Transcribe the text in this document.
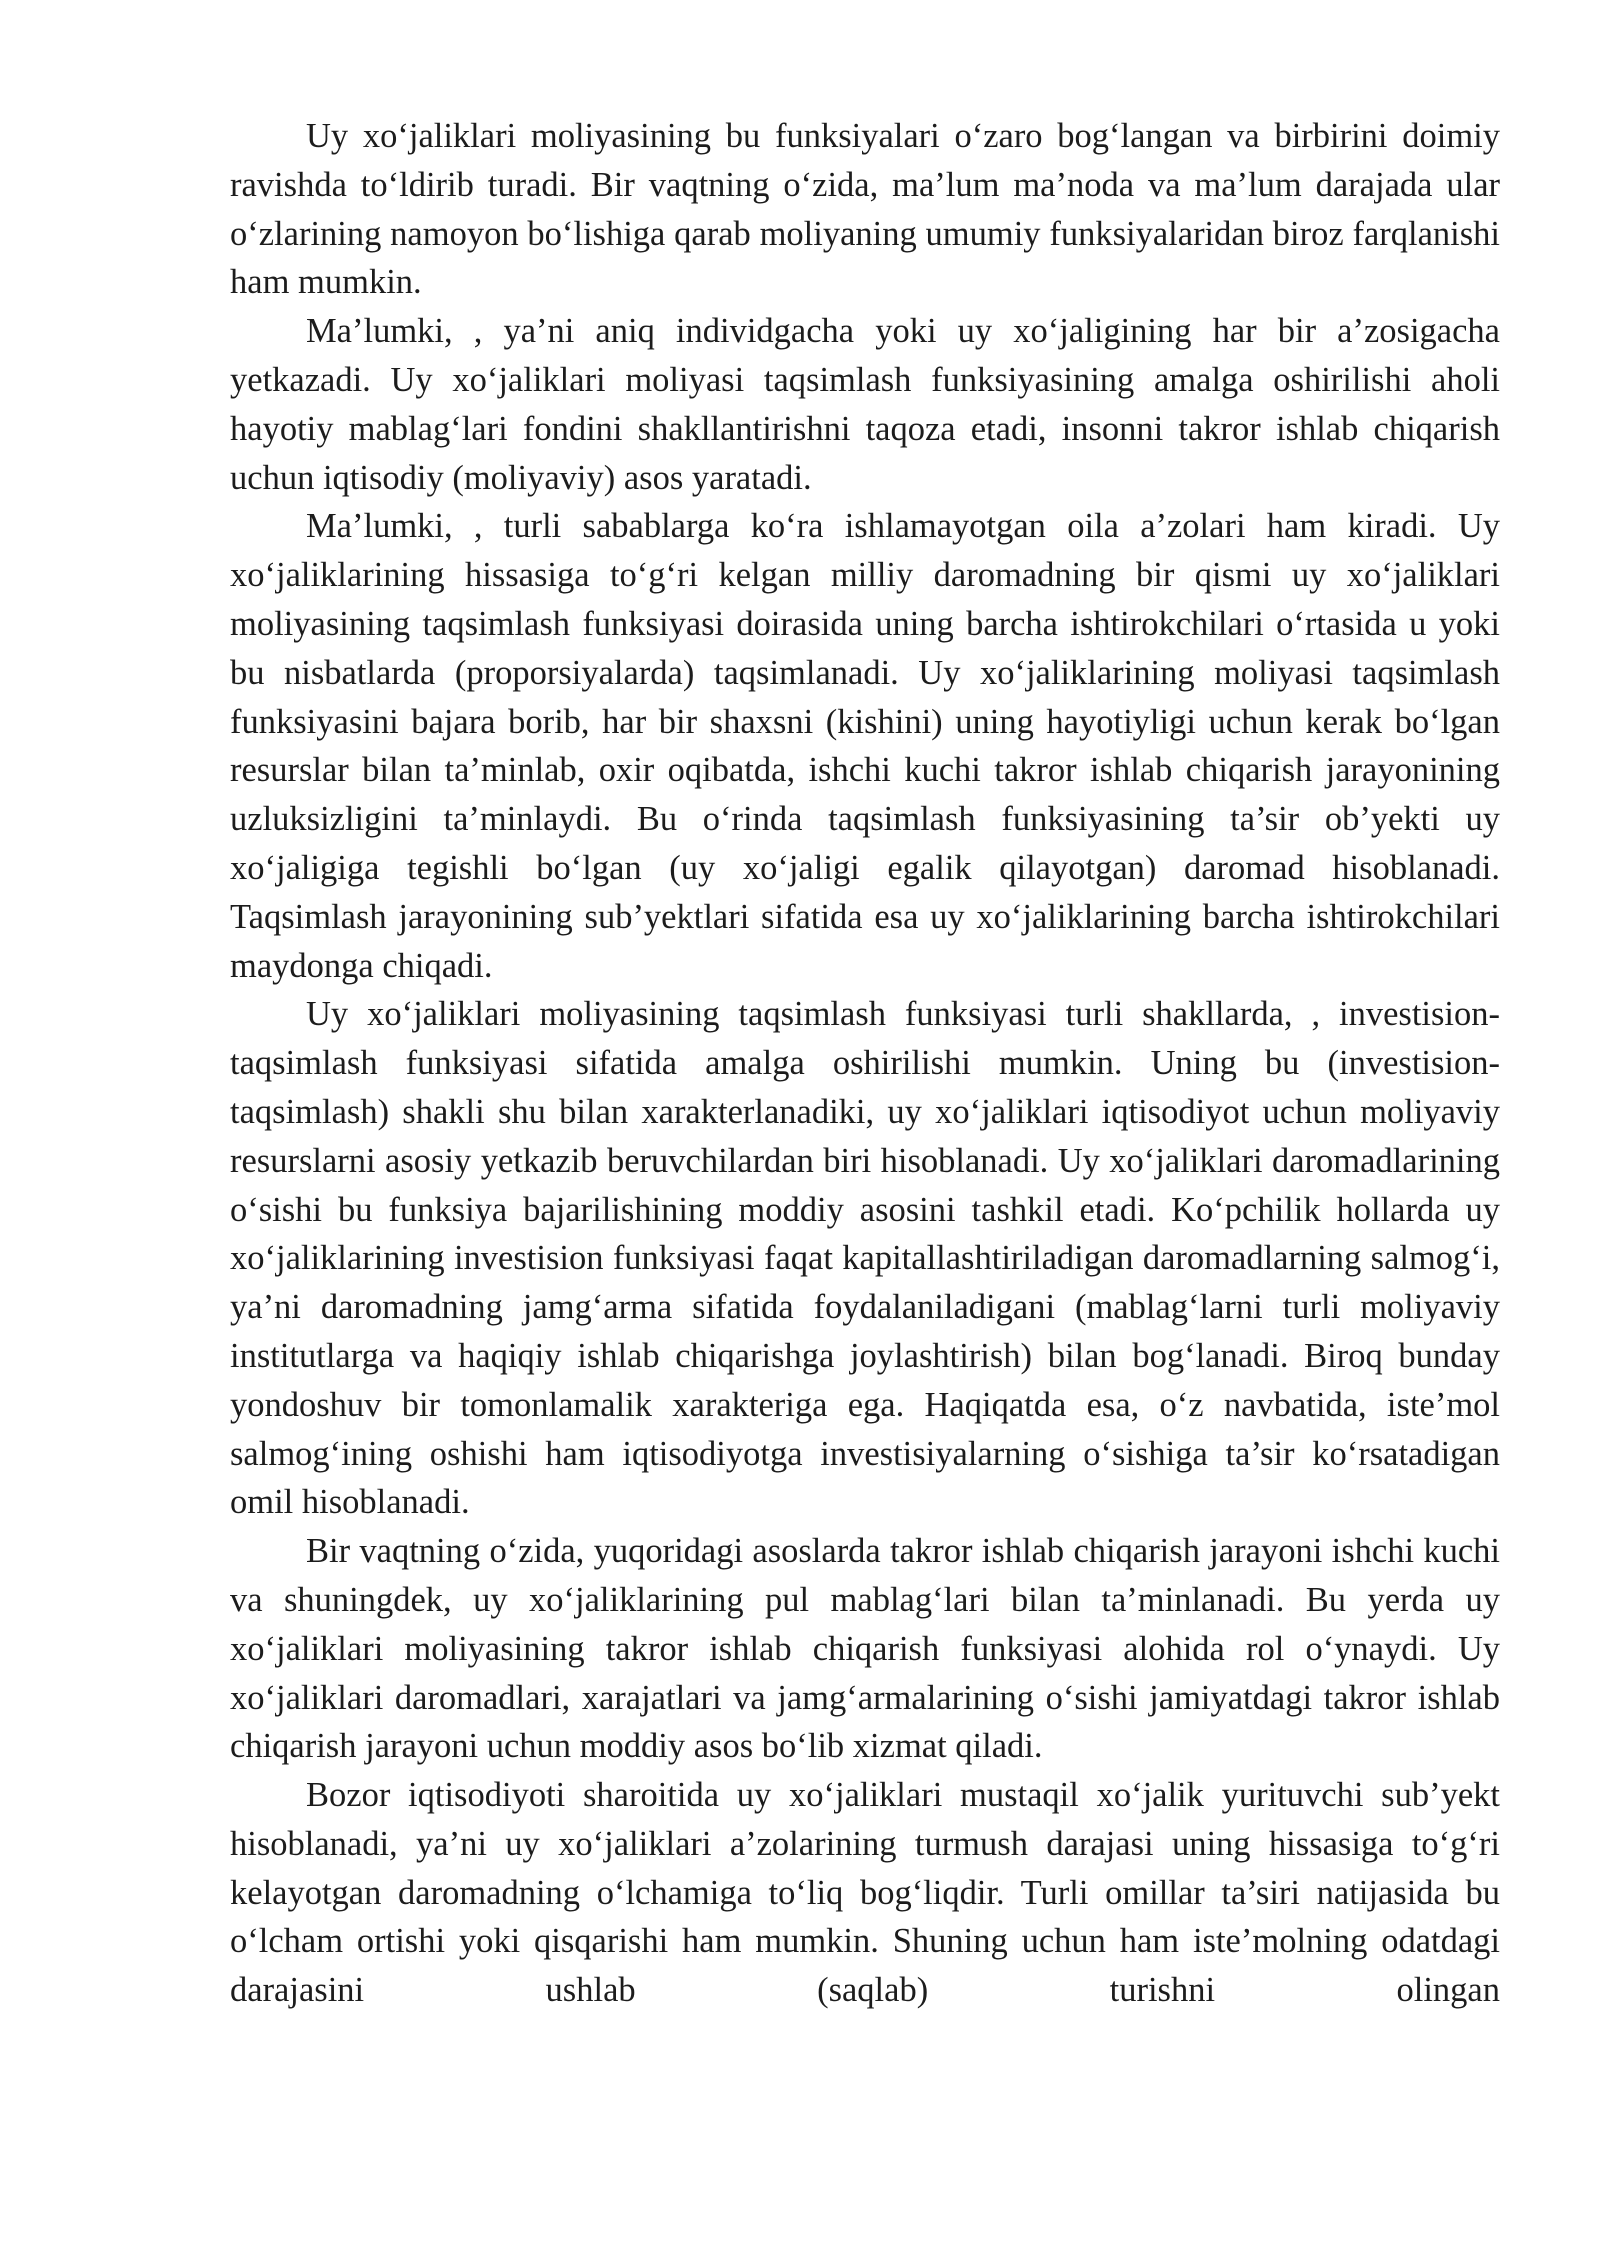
Uy xo‘jaliklari moliyasining bu funksiyalari o‘zaro bog‘langan va birbirini doimiy ravishda to‘ldirib turadi. Bir vaqtning o‘zida, ma’lum ma’noda va ma’lum darajada ular o‘zlarining namoyon bo‘lishiga qarab moliyaning umumiy funksiyalaridan biroz farqlanishi ham mumkin.

Ma’lumki, , ya’ni aniq individgacha yoki uy xo‘jaligining har bir a’zosigacha yetkazadi. Uy xo‘jaliklari moliyasi taqsimlash funksiyasining amalga oshirilishi aholi hayotiy mablag‘lari fondini shakllantirishni taqoza etadi, insonni takror ishlab chiqarish uchun iqtisodiy (moliyaviy) asos yaratadi.

Ma’lumki, , turli sabablarga ko‘ra ishlamayotgan oila a’zolari ham kiradi. Uy xo‘jaliklarining hissasiga to‘g‘ri kelgan milliy daromadning bir qismi uy xo‘jaliklari moliyasining taqsimlash funksiyasi doirasida uning barcha ishtirokchilari o‘rtasida u yoki bu nisbatlarda (proporsiyalarda) taqsimlanadi. Uy xo‘jaliklarining moliyasi taqsimlash funksiyasini bajara borib, har bir shaxsni (kishini) uning hayotiyligi uchun kerak bo‘lgan resurslar bilan ta’minlab, oxir oqibatda, ishchi kuchi takror ishlab chiqarish jarayonining uzluksizligini ta’minlaydi. Bu o‘rinda taqsimlash funksiyasining ta’sir ob’yekti uy xo‘jaligiga tegishli bo‘lgan (uy xo‘jaligi egalik qilayotgan) daromad hisoblanadi. Taqsimlash jarayonining sub’yektlari sifatida esa uy xo‘jaliklarining barcha ishtirokchilari maydonga chiqadi.

Uy xo‘jaliklari moliyasining taqsimlash funksiyasi turli shakllarda, , investision-taqsimlash funksiyasi sifatida amalga oshirilishi mumkin. Uning bu (investision-taqsimlash) shakli shu bilan xarakterlanadiki, uy xo‘jaliklari iqtisodiyot uchun moliyaviy resurslarni asosiy yetkazib beruvchilardan biri hisoblanadi. Uy xo‘jaliklari daromadlarining o‘sishi bu funksiya bajarilishining moddiy asosini tashkil etadi. Ko‘pchilik hollarda uy xo‘jaliklarining investision funksiyasi faqat kapitallashtiriladigan daromadlarning salmog‘i, ya’ni daromadning jamg‘arma sifatida foydalaniladigani (mablag‘larni turli moliyaviy institutlarga va haqiqiy ishlab chiqarishga joylashtirish) bilan bog‘lanadi. Biroq bunday yondoshuv bir tomonlamalik xarakteriga ega. Haqiqatda esa, o‘z navbatida, iste’mol salmog‘ining oshishi ham iqtisodiyotga investisiyalarning o‘sishiga ta’sir ko‘rsatadigan omil hisoblanadi.

Bir vaqtning o‘zida, yuqoridagi asoslarda takror ishlab chiqarish jarayoni ishchi kuchi va shuningdek, uy xo‘jaliklarining pul mablag‘lari bilan ta’minlanadi. Bu yerda uy xo‘jaliklari moliyasining takror ishlab chiqarish funksiyasi alohida rol o‘ynaydi. Uy xo‘jaliklari daromadlari, xarajatlari va jamg‘armalarining o‘sishi jamiyatdagi takror ishlab chiqarish jarayoni uchun moddiy asos bo‘lib xizmat qiladi.

Bozor iqtisodiyoti sharoitida uy xo‘jaliklari mustaqil xo‘jalik yurituvchi sub’yekt hisoblanadi, ya’ni uy xo‘jaliklari a’zolarining turmush darajasi uning hissasiga to‘g‘ri kelayotgan daromadning o‘lchamiga to‘liq bog‘liqdir. Turli omillar ta’siri natijasida bu o‘lcham ortishi yoki qisqarishi ham mumkin. Shuning uchun ham iste’molning odatdagi darajasini ushlab (saqlab) turishni olingan
